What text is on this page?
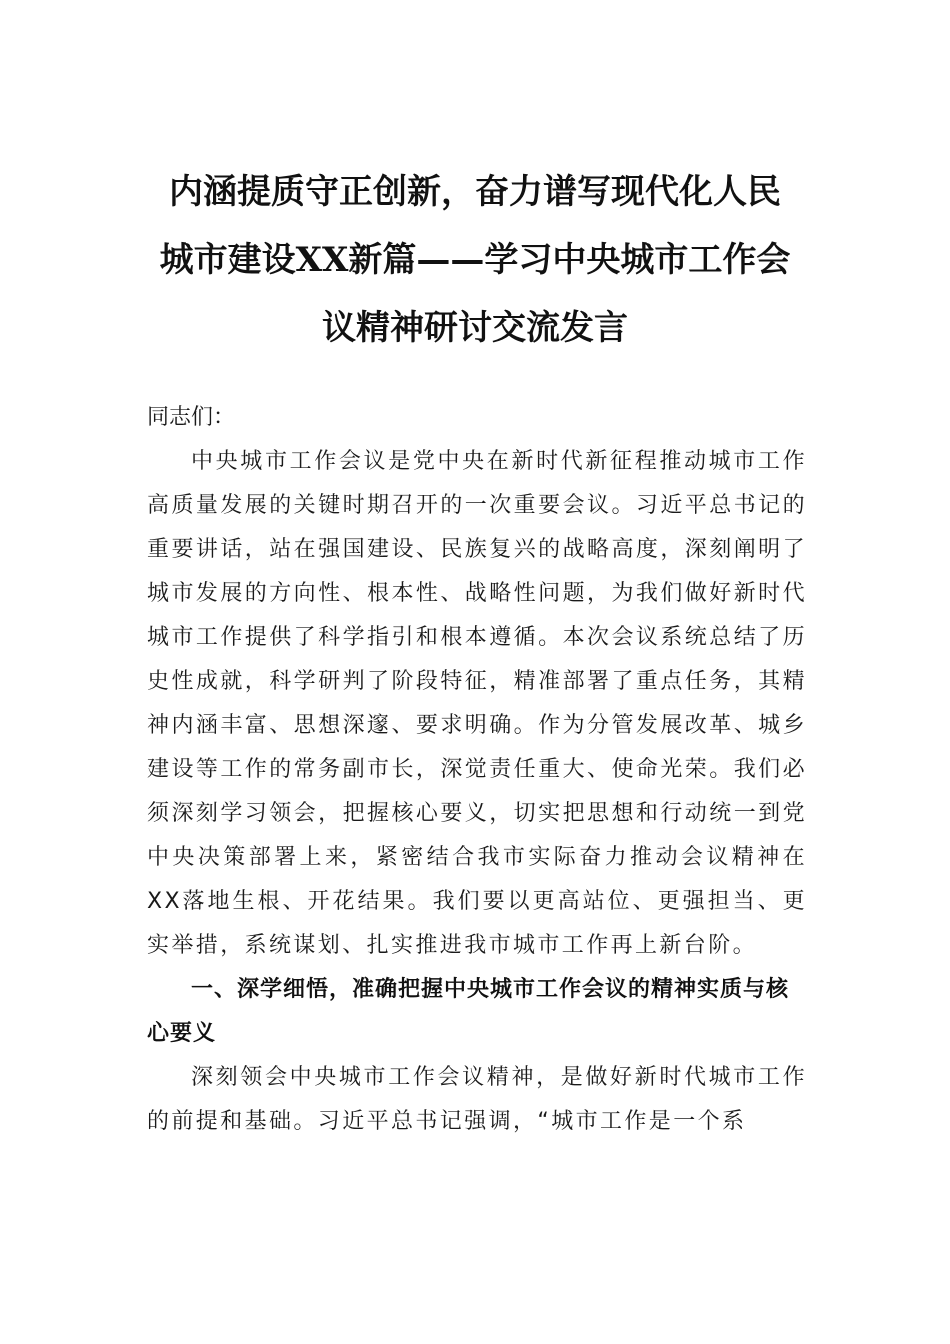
内涵提质守正创新，奋力谱写现代化人民
城市建设XX新篇——学习中央城市工作会
议精神研讨交流发言

同志们：

中央城市工作会议是党中央在新时代新征程推动城市工作高质量发展的关键时期召开的一次重要会议。习近平总书记的重要讲话，站在强国建设、民族复兴的战略高度，深刻阐明了城市发展的方向性、根本性、战略性问题，为我们做好新时代城市工作提供了科学指引和根本遵循。本次会议系统总结了历史性成就，科学研判了阶段特征，精准部署了重点任务，其精神内涵丰富、思想深邃、要求明确。作为分管发展改革、城乡建设等工作的常务副市长，深觉责任重大、使命光荣。我们必须深刻学习领会，把握核心要义，切实把思想和行动统一到党中央决策部署上来，紧密结合我市实际奋力推动会议精神在XX落地生根、开花结果。我们要以更高站位、更强担当、更实举措，系统谋划、扎实推进我市城市工作再上新台阶。

一、深学细悟，准确把握中央城市工作会议的精神实质与核心要义

深刻领会中央城市工作会议精神，是做好新时代城市工作的前提和基础。习近平总书记强调，“城市工作是一个系
